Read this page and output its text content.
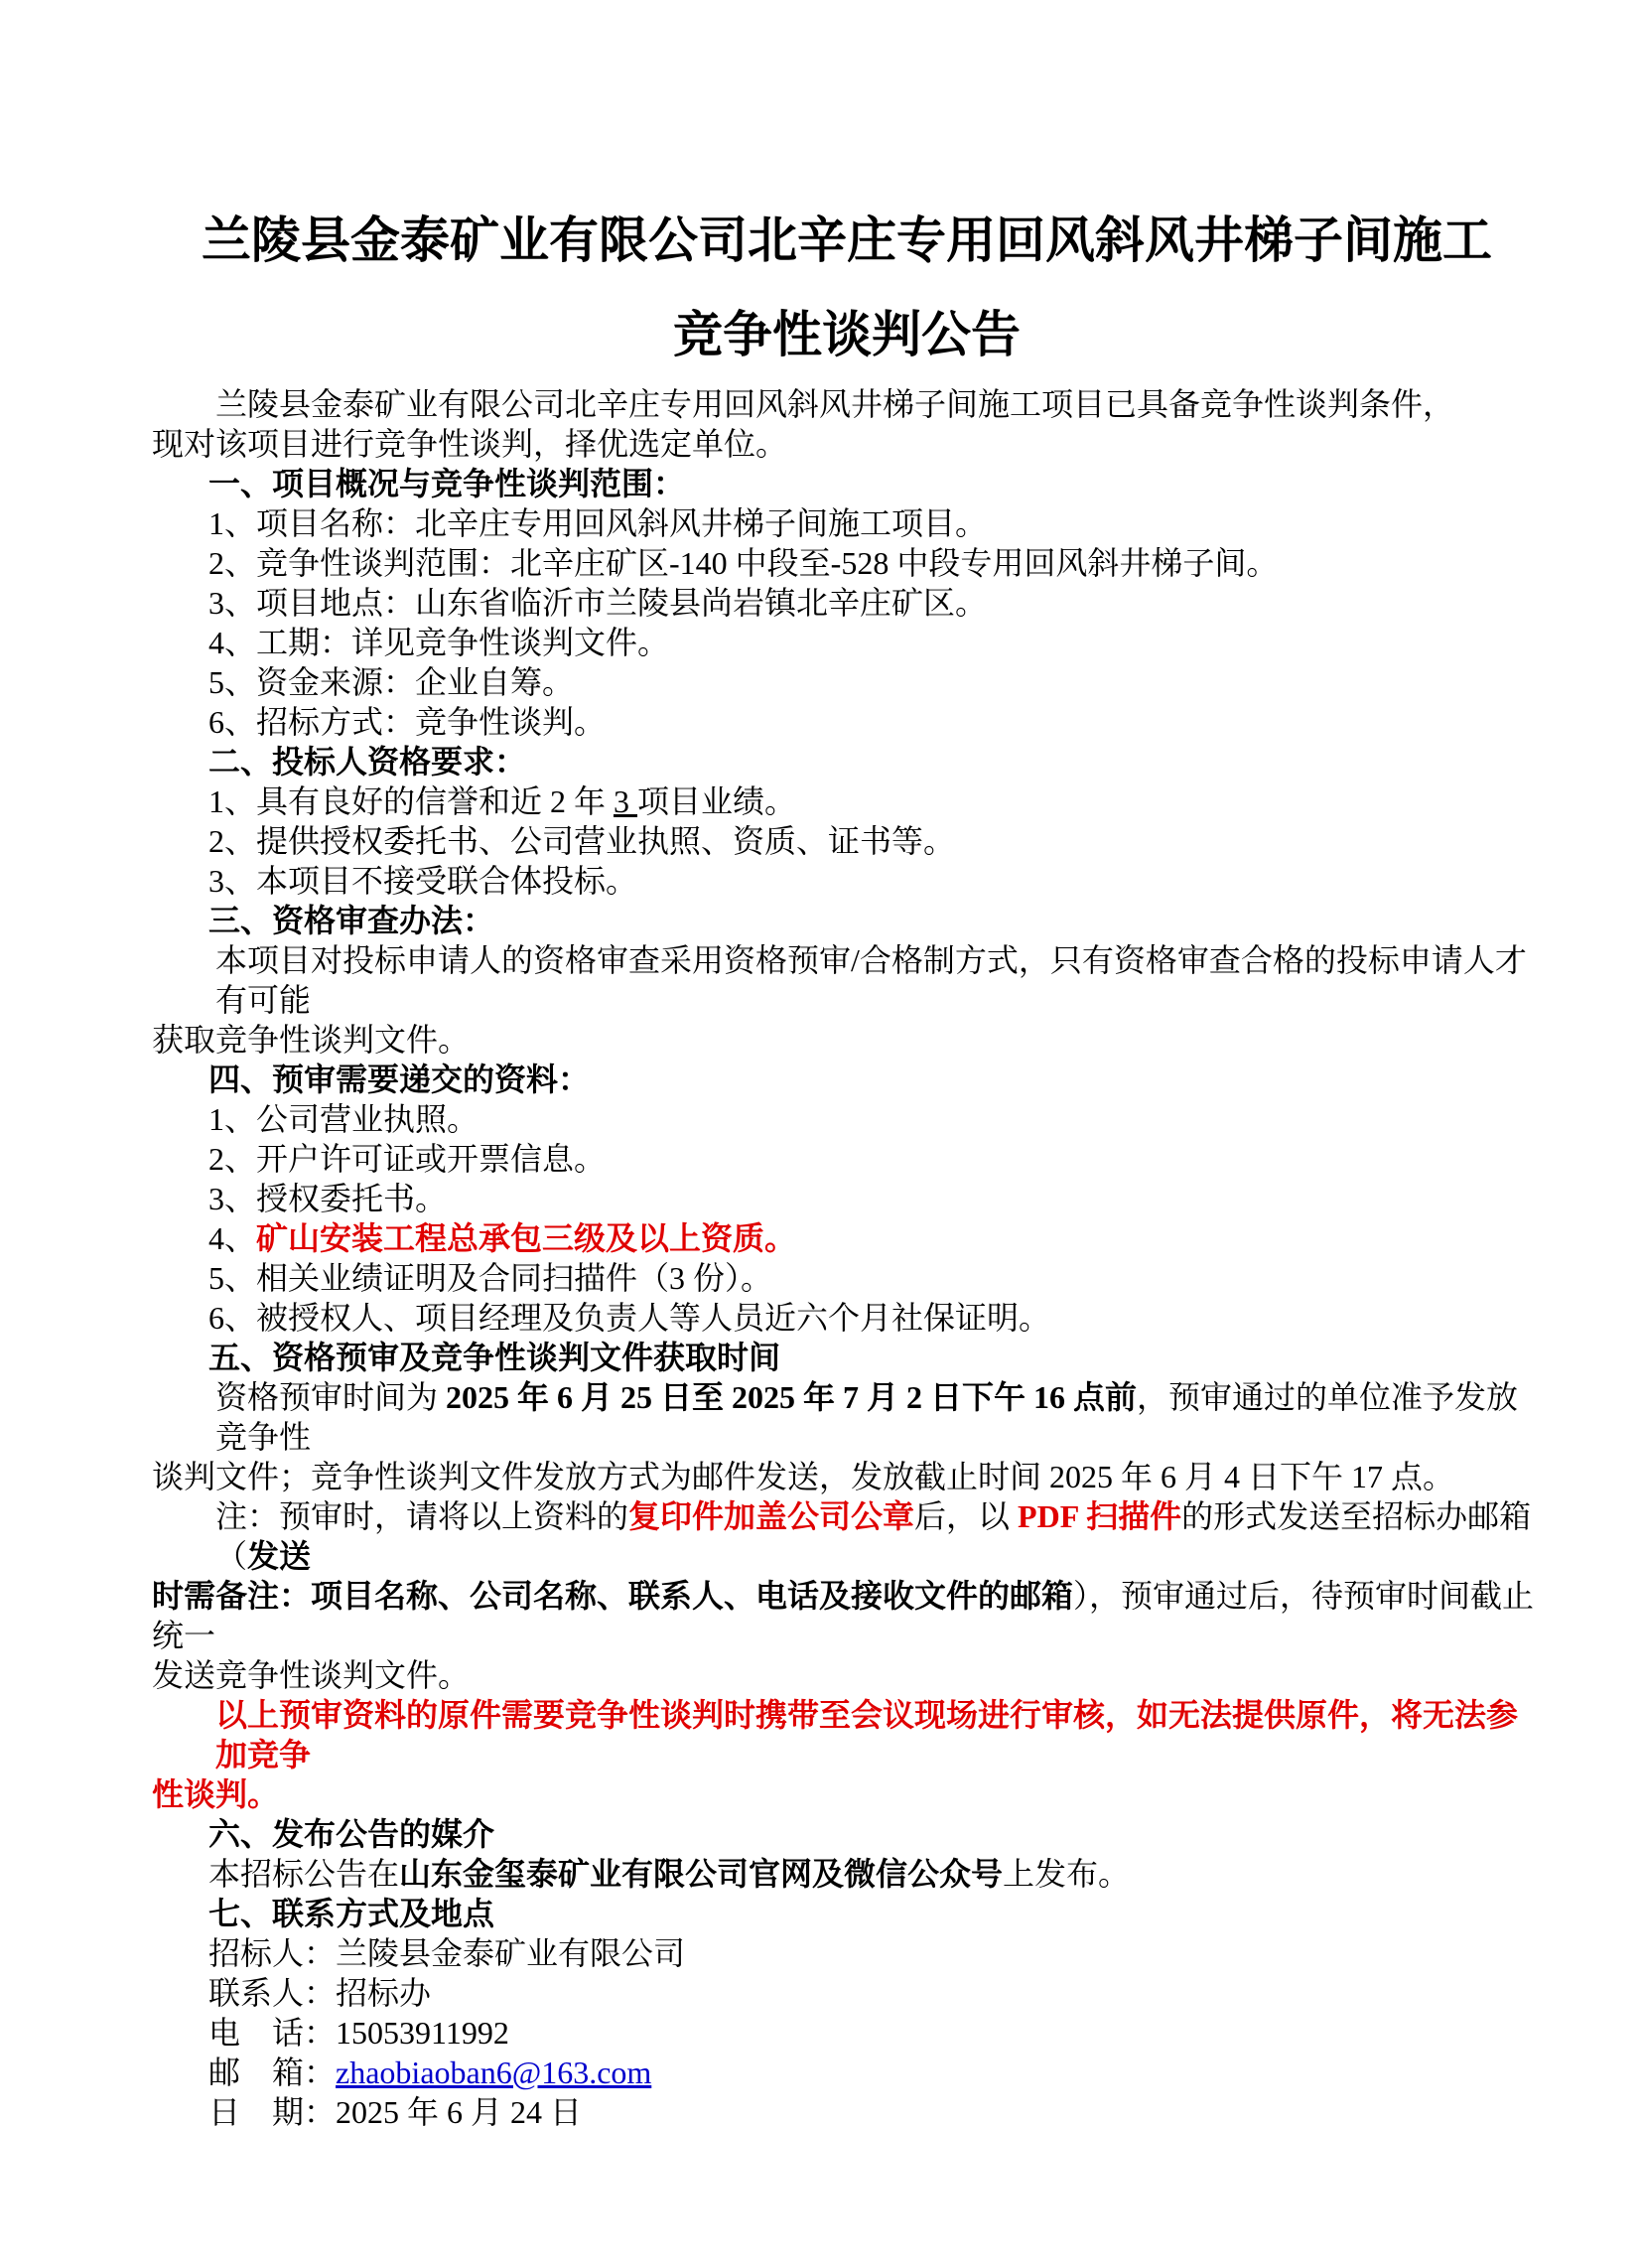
兰陵县金泰矿业有限公司北辛庄专用回风斜风井梯子间施工
竞争性谈判公告
兰陵县金泰矿业有限公司北辛庄专用回风斜风井梯子间施工项目已具备竞争性谈判条件，
现对该项目进行竞争性谈判，择优选定单位。
一、项目概况与竞争性谈判范围：
1、项目名称：北辛庄专用回风斜风井梯子间施工项目。
2、竞争性谈判范围：北辛庄矿区-140 中段至-528 中段专用回风斜井梯子间。
3、项目地点：山东省临沂市兰陵县尚岩镇北辛庄矿区。
4、工期：详见竞争性谈判文件。
5、资金来源：企业自筹。
6、招标方式：竞争性谈判。
二、投标人资格要求：
1、具有良好的信誉和近 2 年 3 项目业绩。
2、提供授权委托书、公司营业执照、资质、证书等。
3、本项目不接受联合体投标。
三、资格审查办法：
本项目对投标申请人的资格审查采用资格预审/合格制方式，只有资格审查合格的投标申请人才有可能
获取竞争性谈判文件。
四、预审需要递交的资料：
1、公司营业执照。
2、开户许可证或开票信息。
3、授权委托书。
4、矿山安装工程总承包三级及以上资质。
5、相关业绩证明及合同扫描件（3 份）。
6、被授权人、项目经理及负责人等人员近六个月社保证明。
五、资格预审及竞争性谈判文件获取时间
资格预审时间为 2025 年 6 月 25 日至 2025 年 7 月 2 日下午 16 点前，预审通过的单位准予发放竞争性
谈判文件；竞争性谈判文件发放方式为邮件发送，发放截止时间 2025 年 6 月 4 日下午 17 点。
注：预审时，请将以上资料的复印件加盖公司公章后，以 PDF 扫描件的形式发送至招标办邮箱（发送
时需备注：项目名称、公司名称、联系人、电话及接收文件的邮箱），预审通过后，待预审时间截止统一
发送竞争性谈判文件。
以上预审资料的原件需要竞争性谈判时携带至会议现场进行审核，如无法提供原件，将无法参加竞争
性谈判。
六、发布公告的媒介
本招标公告在山东金玺泰矿业有限公司官网及微信公众号上发布。
七、联系方式及地点
招标人：兰陵县金泰矿业有限公司
联系人：招标办
电　话：15053911992
邮　箱：zhaobiaoban6@163.com
日　期：2025 年 6 月 24 日
